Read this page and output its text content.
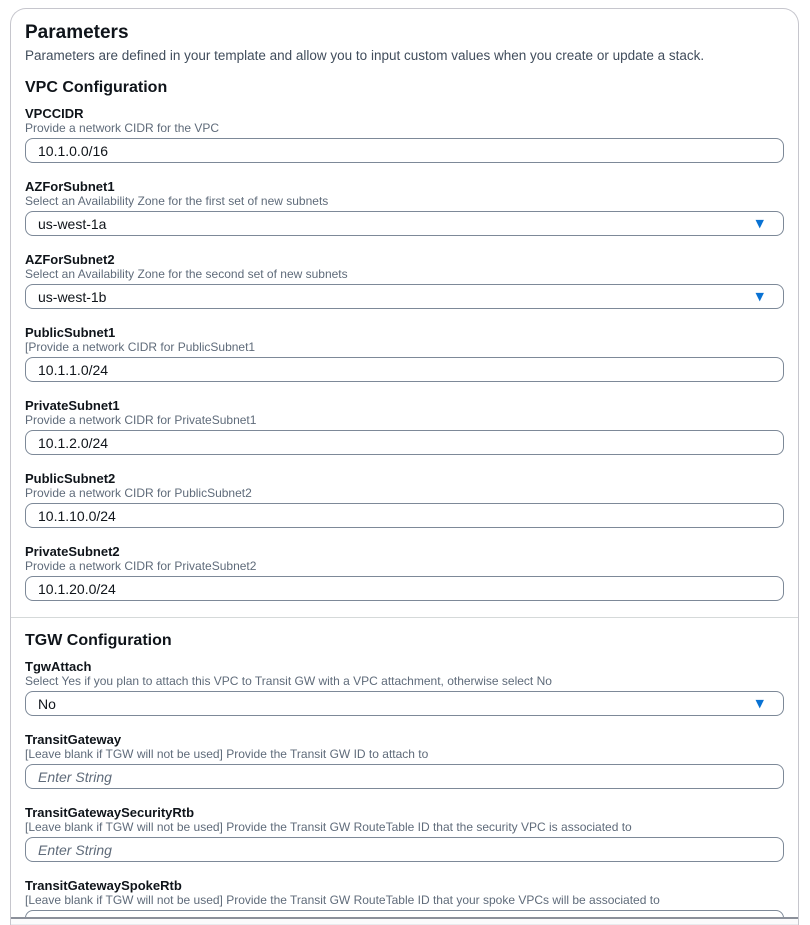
Parameters

Parameters are defined in your template and allow you to input custom values when you create or update a stack.

VPC Configuration
VPCCIDR
Provide a network CIDR for the VPC
10.1.0.0/16
AZForSubnet1
Select an Availability Zone for the first set of new subnets
us-west-1a	▼
AZForSubnet2
Select an Availability Zone for the second set of new subnets
us-west-1b	▼
PublicSubnet1
[Provide a network CIDR for PublicSubnet1
10.1.1.0/24
PrivateSubnet1
Provide a network CIDR for PrivateSubnet1
10.1.2.0/24
PublicSubnet2
Provide a network CIDR for PublicSubnet2
10.1.10.0/24
PrivateSubnet2
Provide a network CIDR for PrivateSubnet2
10.1.20.0/24
TGW Configuration
TgwAttach
Select Yes if you plan to attach this VPC to Transit GW with a VPC attachment, otherwise select No
No	▼
TransitGateway
[Leave blank if TGW will not be used] Provide the Transit GW ID to attach to
Enter String
TransitGatewaySecurityRtb
[Leave blank if TGW will not be used] Provide the Transit GW RouteTable ID that the security VPC is associated to
Enter String
TransitGatewaySpokeRtb
[Leave blank if TGW will not be used] Provide the Transit GW RouteTable ID that your spoke VPCs will be associated to
Enter String
